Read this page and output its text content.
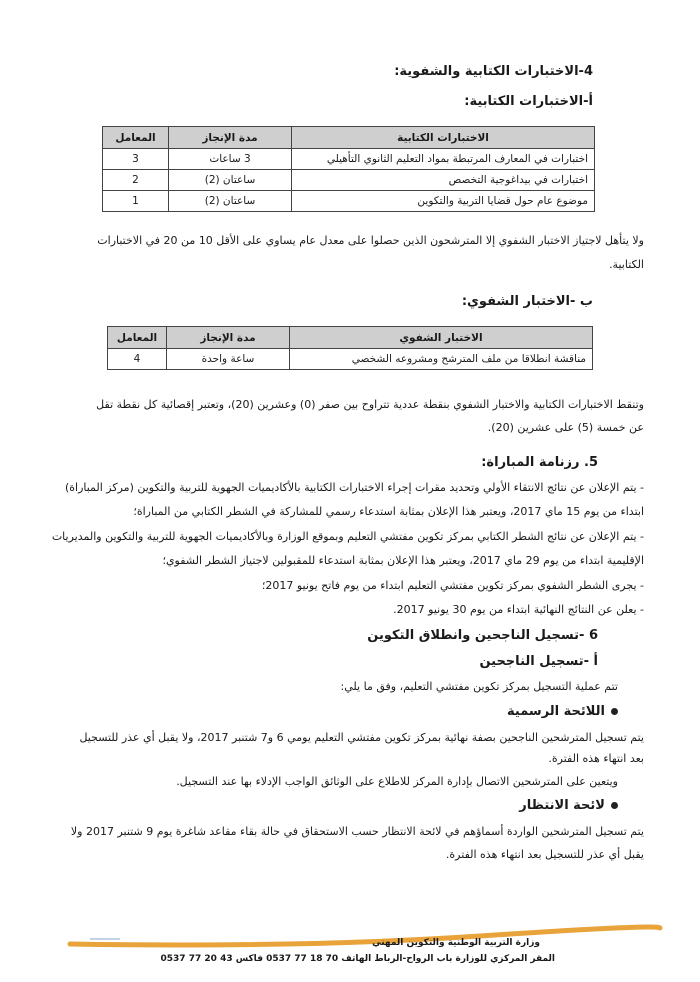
4-الاختبارات الكتابية والشفوية:
أ-الاختبارات الكتابية:
الاختبارات الكتابية	مدة الإنجاز	المعامل
اختبارات في المعارف المرتبطة بمواد التعليم الثانوي التأهيلي	3 ساعات	3
اختبارات في بيداغوجية التخصص	ساعتان (2)	2
موضوع عام حول قضايا التربية والتكوين	ساعتان (2)	1
ولا يتأهل لاجتياز الاختبار الشفوي إلا المترشحون الذين حصلوا على معدل عام يساوي على الأقل 10 من 20 في الاختبارات
الكتابية.
ب -الاختبار الشفوي:
الاختبار الشفوي	مدة الإنجاز	المعامل
مناقشة انطلاقا من ملف المترشح ومشروعه الشخصي	ساعة واحدة	4
وتنقط الاختبارات الكتابية والاختبار الشفوي بنقطة عددية تتراوح بين صفر (0) وعشرين (20)، وتعتبر إقصائية كل نقطة تقل
عن خمسة (5) على عشرين (20).
5. رزنامة المباراة:
- يتم الإعلان عن نتائج الانتقاء الأولي وتحديد مقرات إجراء الاختبارات الكتابية بالأكاديميات الجهوية للتربية والتكوين (مركز المباراة)
ابتداء من يوم 15 ماي 2017، ويعتبر هذا الإعلان بمثابة استدعاء رسمي للمشاركة في الشطر الكتابي من المباراة؛
- يتم الإعلان عن نتائج الشطر الكتابي بمركز تكوين مفتشي التعليم وبموقع الوزارة وبالأكاديميات الجهوية للتربية والتكوين والمديريات
الإقليمية ابتداء من يوم 29 ماي 2017، ويعتبر هذا الإعلان بمثابة استدعاء للمقبولين لاجتياز الشطر الشفوي؛
- يجرى الشطر الشفوي بمركز تكوين مفتشي التعليم ابتداء من يوم فاتح يونيو 2017؛
- يعلن عن النتائج النهائية ابتداء من يوم 30 يونيو 2017.
6 -تسجيل الناجحين وانطلاق التكوين
أ -تسجيل الناجحين
تتم عملية التسجيل بمركز تكوين مفتشي التعليم، وفق ما يلي:
اللائحة الرسمية
يتم تسجيل المترشحين الناجحين بصفة نهائية بمركز تكوين مفتشي التعليم يومي 6 و7 شتنبر 2017، ولا يقبل أي عذر للتسجيل
بعد انتهاء هذه الفترة.
ويتعين على المترشحين الاتصال بإدارة المركز للاطلاع على الوثائق الواجب الإدلاء بها عند التسجيل.
لائحة الانتظار
يتم تسجيل المترشحين الواردة أسماؤهم في لائحة الانتظار حسب الاستحقاق في حالة بقاء مقاعد شاغرة يوم 9 شتنبر 2017 ولا
يقبل أي عذر للتسجيل بعد انتهاء هذه الفترة.
وزارة التربية الوطنية والتكوين المهني
المقر المركزي للوزارة باب الرواح-الرباط الهاتف 70 18 77 0537 فاكس 43 20 77 0537
